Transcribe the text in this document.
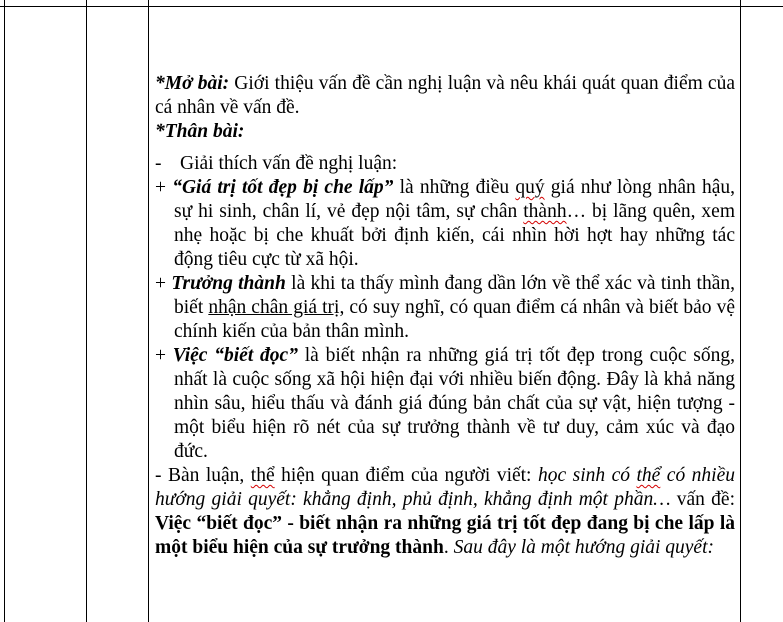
*Mở bài: Giới thiệu vấn đề cần nghị luận và nêu khái quát quan điểm của cá nhân về vấn đề.

*Thân bài:

- Giải thích vấn đề nghị luận:

+ “Giá trị tốt đẹp bị che lấp” là những điều quý giá như lòng nhân hậu, sự hi sinh, chân lí, vẻ đẹp nội tâm, sự chân thành… bị lãng quên, xem nhẹ hoặc bị che khuất bởi định kiến, cái nhìn hời hợt hay những tác động tiêu cực từ xã hội.

+ Trưởng thành là khi ta thấy mình đang dần lớn về thể xác và tinh thần, biết nhận chân giá trị, có suy nghĩ, có quan điểm cá nhân và biết bảo vệ chính kiến của bản thân mình.

+ Việc “biết đọc” là biết nhận ra những giá trị tốt đẹp trong cuộc sống, nhất là cuộc sống xã hội hiện đại với nhiều biến động. Đây là khả năng nhìn sâu, hiểu thấu và đánh giá đúng bản chất của sự vật, hiện tượng - một biểu hiện rõ nét của sự trưởng thành về tư duy, cảm xúc và đạo đức.

- Bàn luận, thể hiện quan điểm của người viết: học sinh có thể có nhiều hướng giải quyết: khẳng định, phủ định, khẳng định một phần… vấn đề: Việc “biết đọc” - biết nhận ra những giá trị tốt đẹp đang bị che lấp là một biểu hiện của sự trưởng thành. Sau đây là một hướng giải quyết:
